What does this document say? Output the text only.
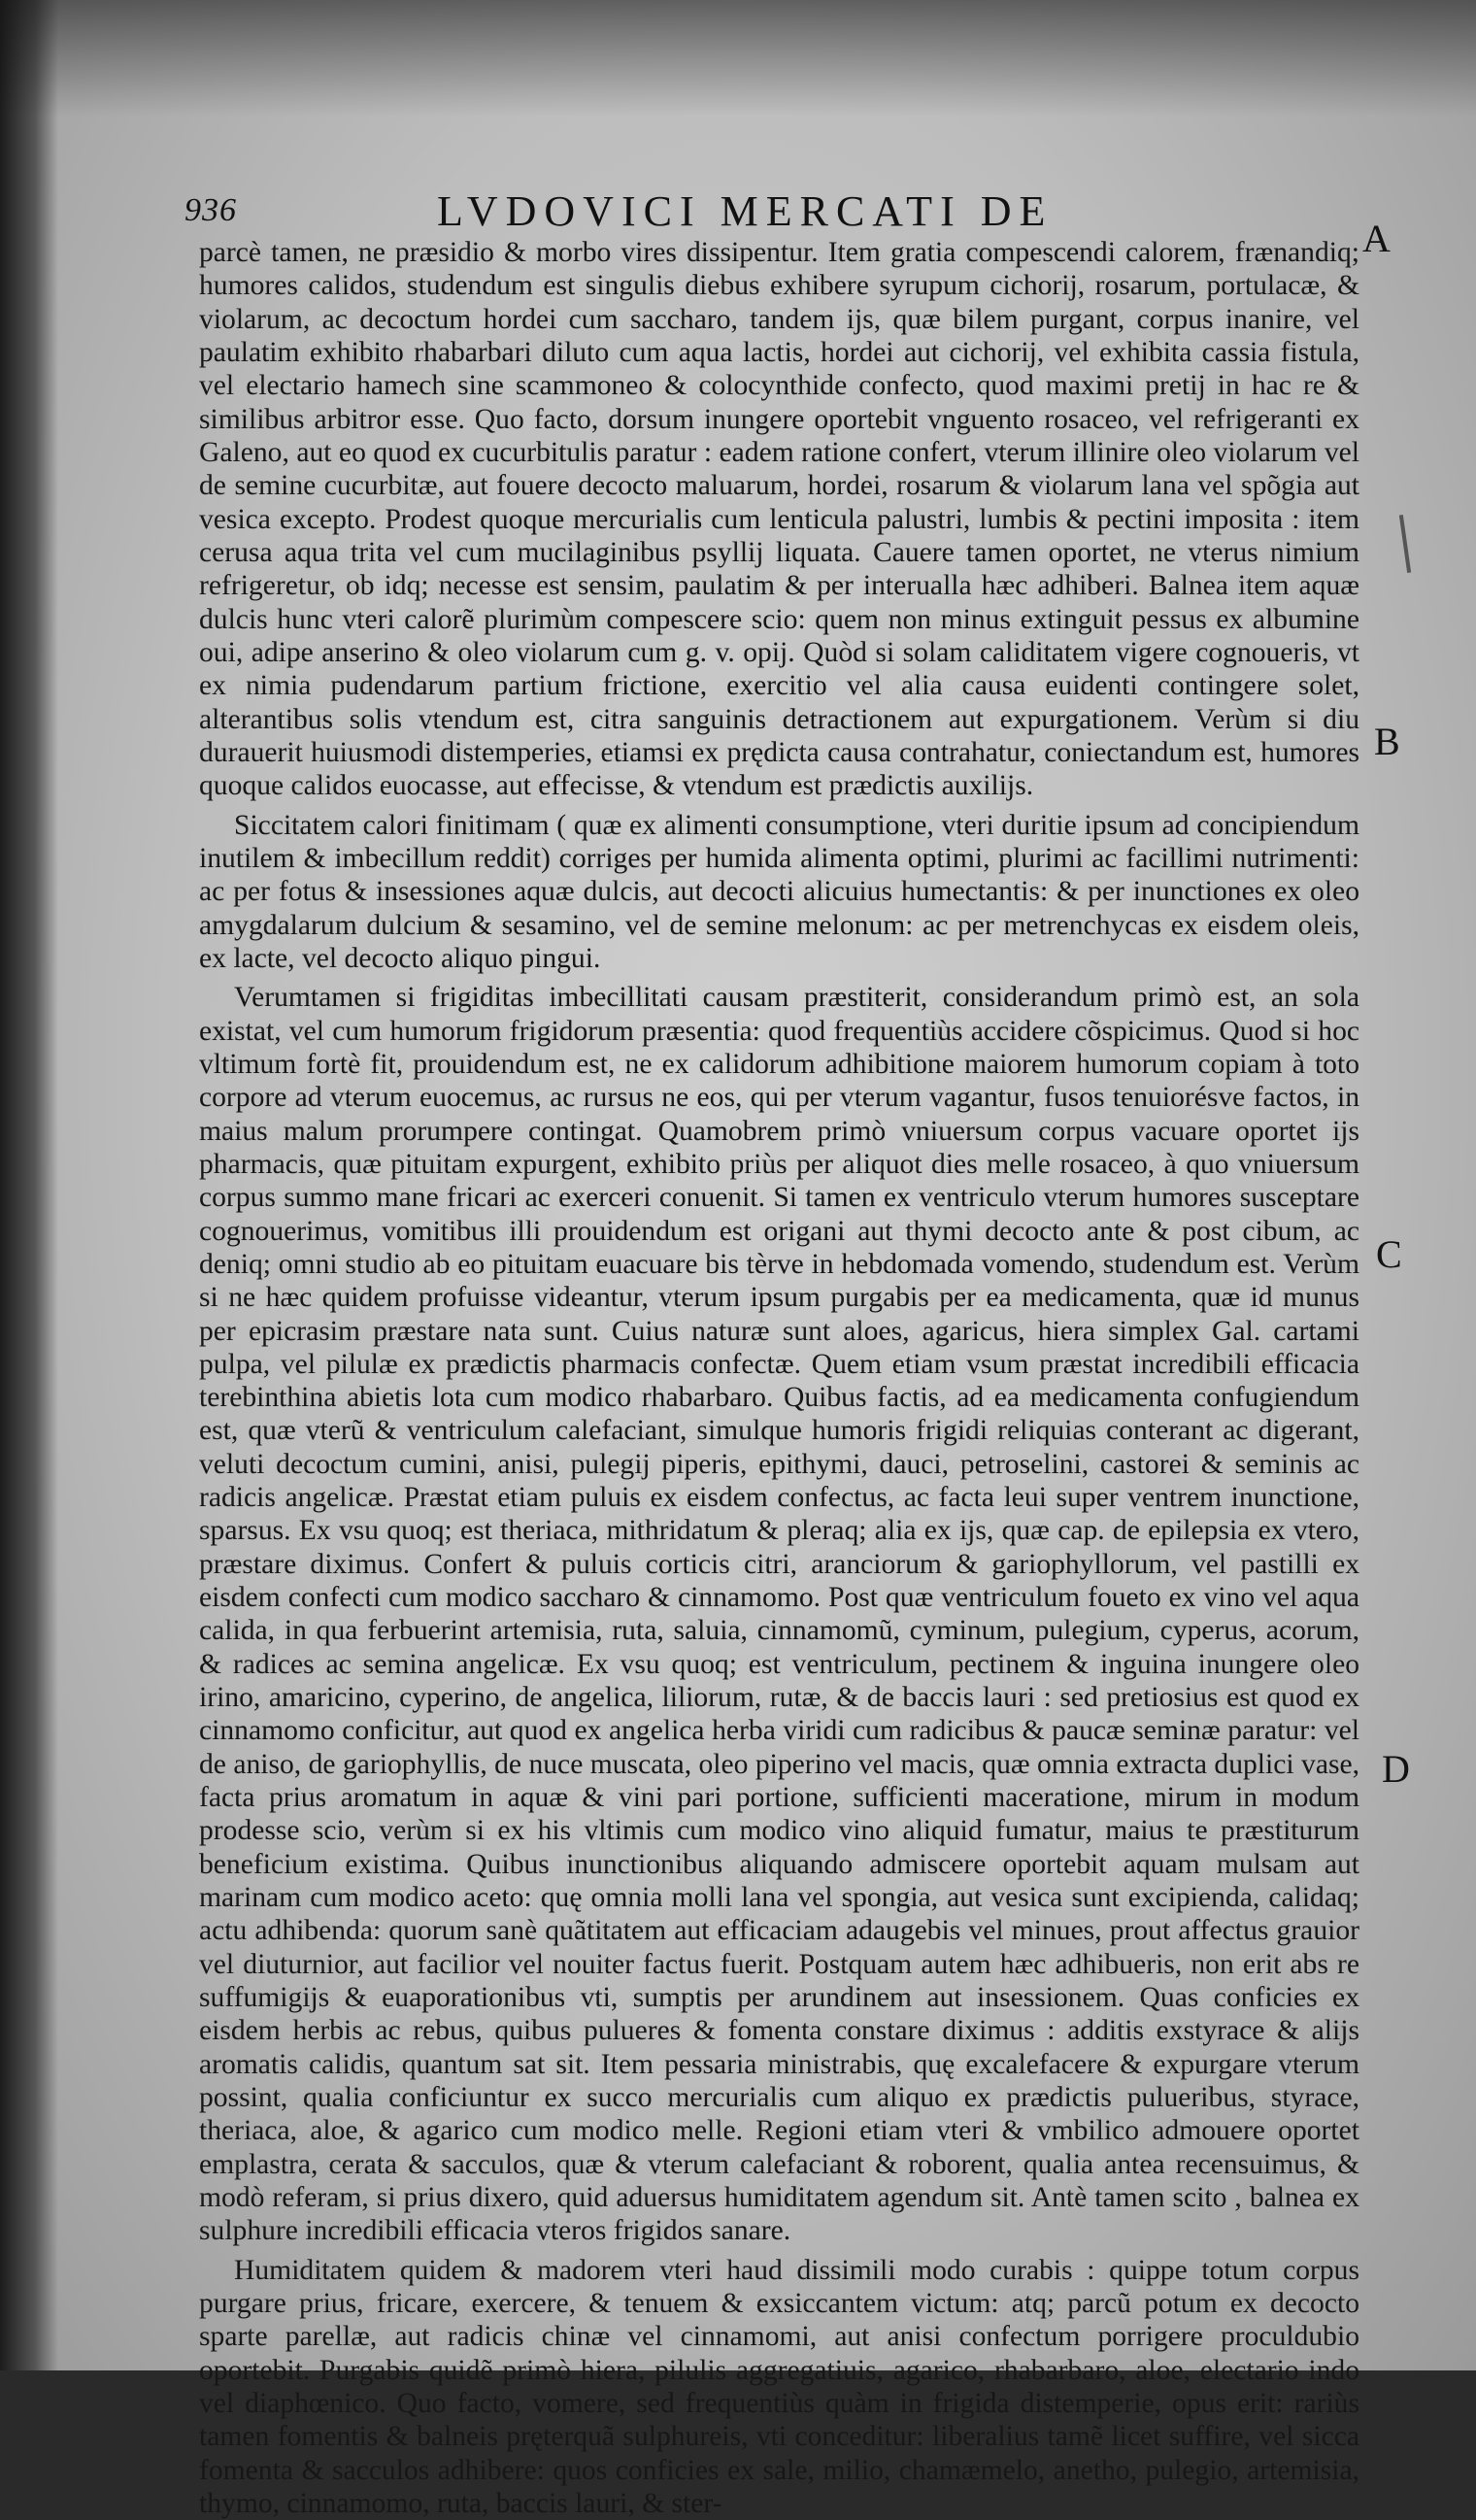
936	LVDOVICI MERCATI DE
A
B
C
D

parcè tamen, ne præsidio & morbo vires dissipentur. Item gratia compescendi calorem, frænandiq; humores calidos, studendum est singulis diebus exhibere syrupum cichorij, rosarum, portulacæ, & violarum, ac decoctum hordei cum saccharo, tandem ijs, quæ bilem purgant, corpus inanire, vel paulatim exhibito rhabarbari diluto cum aqua lactis, hordei aut cichorij, vel exhibita cassia fistula, vel electario hamech sine scammoneo & colocynthide confecto, quod maximi pretij in hac re & similibus arbitror esse. Quo facto, dorsum inungere oportebit vnguento rosaceo, vel refrigeranti ex Galeno, aut eo quod ex cucurbitulis paratur : eadem ratione confert, vterum illinire oleo violarum vel de semine cucurbitæ, aut fouere decocto maluarum, hordei, rosarum & violarum lana vel spõgia aut vesica excepto. Prodest quoque mercurialis cum lenticula palustri, lumbis & pectini imposita : item cerusa aqua trita vel cum mucilaginibus psyllij liquata. Cauere tamen oportet, ne vterus nimium refrigeretur, ob idq; necesse est sensim, paulatim & per interualla hæc adhiberi. Balnea item aquæ dulcis hunc vteri calorẽ plurimùm compescere scio: quem non minus extinguit pessus ex albumine oui, adipe anserino & oleo violarum cum g. v. opij. Quòd si solam caliditatem vigere cognoueris, vt ex nimia pudendarum partium frictione, exercitio vel alia causa euidenti contingere solet, alterantibus solis vtendum est, citra sanguinis detractionem aut expurgationem. Verùm si diu durauerit huiusmodi distemperies, etiamsi ex prędicta causa contrahatur, coniectandum est, humores quoque calidos euocasse, aut effecisse, & vtendum est prædictis auxilijs.

Siccitatem calori finitimam ( quæ ex alimenti consumptione, vteri duritie ipsum ad concipiendum inutilem & imbecillum reddit) corriges per humida alimenta optimi, plurimi ac facillimi nutrimenti: ac per fotus & insessiones aquæ dulcis, aut decocti alicuius humectantis: & per inunctiones ex oleo amygdalarum dulcium & sesamino, vel de semine melonum: ac per metrenchycas ex eisdem oleis, ex lacte, vel decocto aliquo pingui.

Verumtamen si frigiditas imbecillitati causam præstiterit, considerandum primò est, an sola existat, vel cum humorum frigidorum præsentia: quod frequentiùs accidere cõspicimus. Quod si hoc vltimum fortè fit, prouidendum est, ne ex calidorum adhibitione maiorem humorum copiam à toto corpore ad vterum euocemus, ac rursus ne eos, qui per vterum vagantur, fusos tenuiorésve factos, in maius malum prorumpere contingat. Quamobrem primò vniuersum corpus vacuare oportet ijs pharmacis, quæ pituitam expurgent, exhibito priùs per aliquot dies melle rosaceo, à quo vniuersum corpus summo mane fricari ac exerceri conuenit. Si tamen ex ventriculo vterum humores susceptare cognouerimus, vomitibus illi prouidendum est origani aut thymi decocto ante & post cibum, ac deniq; omni studio ab eo pituitam euacuare bis tèrve in hebdomada vomendo, studendum est. Verùm si ne hæc quidem profuisse videantur, vterum ipsum purgabis per ea medicamenta, quæ id munus per epicrasim præstare nata sunt. Cuius naturæ sunt aloes, agaricus, hiera simplex Gal. cartami pulpa, vel pilulæ ex prædictis pharmacis confectæ. Quem etiam vsum præstat incredibili efficacia terebinthina abietis lota cum modico rhabarbaro. Quibus factis, ad ea medicamenta confugiendum est, quæ vterũ & ventriculum calefaciant, simulque humoris frigidi reliquias conterant ac digerant, veluti decoctum cumini, anisi, pulegij piperis, epithymi, dauci, petroselini, castorei & seminis ac radicis angelicæ. Præstat etiam puluis ex eisdem confectus, ac facta leui super ventrem inunctione, sparsus. Ex vsu quoq; est theriaca, mithridatum & pleraq; alia ex ijs, quæ cap. de epilepsia ex vtero, præstare diximus. Confert & puluis corticis citri, aranciorum & gariophyllorum, vel pastilli ex eisdem confecti cum modico saccharo & cinnamomo. Post quæ ventriculum foueto ex vino vel aqua calida, in qua ferbuerint artemisia, ruta, saluia, cinnamomũ, cyminum, pulegium, cyperus, acorum, & radices ac semina angelicæ. Ex vsu quoq; est ventriculum, pectinem & inguina inungere oleo irino, amaricino, cyperino, de angelica, liliorum, rutæ, & de baccis lauri : sed pretiosius est quod ex cinnamomo conficitur, aut quod ex angelica herba viridi cum radicibus & paucæ seminæ paratur: vel de aniso, de gariophyllis, de nuce muscata, oleo piperino vel macis, quæ omnia extracta duplici vase, facta prius aromatum in aquæ & vini pari portione, sufficienti maceratione, mirum in modum prodesse scio, verùm si ex his vltimis cum modico vino aliquid fumatur, maius te præstiturum beneficium existima. Quibus inunctionibus aliquando admiscere oportebit aquam mulsam aut marinam cum modico aceto: quę omnia molli lana vel spongia, aut vesica sunt excipienda, calidaq; actu adhibenda: quorum sanè quãtitatem aut efficaciam adaugebis vel minues, prout affectus grauior vel diuturnior, aut facilior vel nouiter factus fuerit. Postquam autem hæc adhibueris, non erit abs re suffumigijs & euaporationibus vti, sumptis per arundinem aut insessionem. Quas conficies ex eisdem herbis ac rebus, quibus pulueres & fomenta constare diximus : additis exstyrace & alijs aromatis calidis, quantum sat sit. Item pessaria ministrabis, quę excalefacere & expurgare vterum possint, qualia conficiuntur ex succo mercurialis cum aliquo ex prædictis pulueribus, styrace, theriaca, aloe, & agarico cum modico melle. Regioni etiam vteri & vmbilico admouere oportet emplastra, cerata & sacculos, quæ & vterum calefaciant & roborent, qualia antea recensuimus, & modò referam, si prius dixero, quid aduersus humiditatem agendum sit. Antè tamen scito , balnea ex sulphure incredibili efficacia vteros frigidos sanare.

Humiditatem quidem & madorem vteri haud dissimili modo curabis : quippe totum corpus purgare prius, fricare, exercere, & tenuem & exsiccantem victum: atq; parcũ potum ex decocto sparte parellæ, aut radicis chinæ vel cinnamomi, aut anisi confectum porrigere proculdubio oportebit. Purgabis quidẽ primò hiera, pilulis aggregatiuis, agarico, rhabarbaro, aloe, electario indo vel diaphœnico. Quo facto, vomere, sed frequentiùs quàm in frigida distemperie, opus erit: rariùs tamen fomentis & balneis pręterquã sulphureis, vti conceditur: liberalius tamẽ licet suffire, vel sicca fomenta & sacculos adhibere: quos conficies ex sale, milio, chamæmelo, anetho, pulegio, artemisia, thymo, cinnamomo, ruta, baccis lauri, & ster-
